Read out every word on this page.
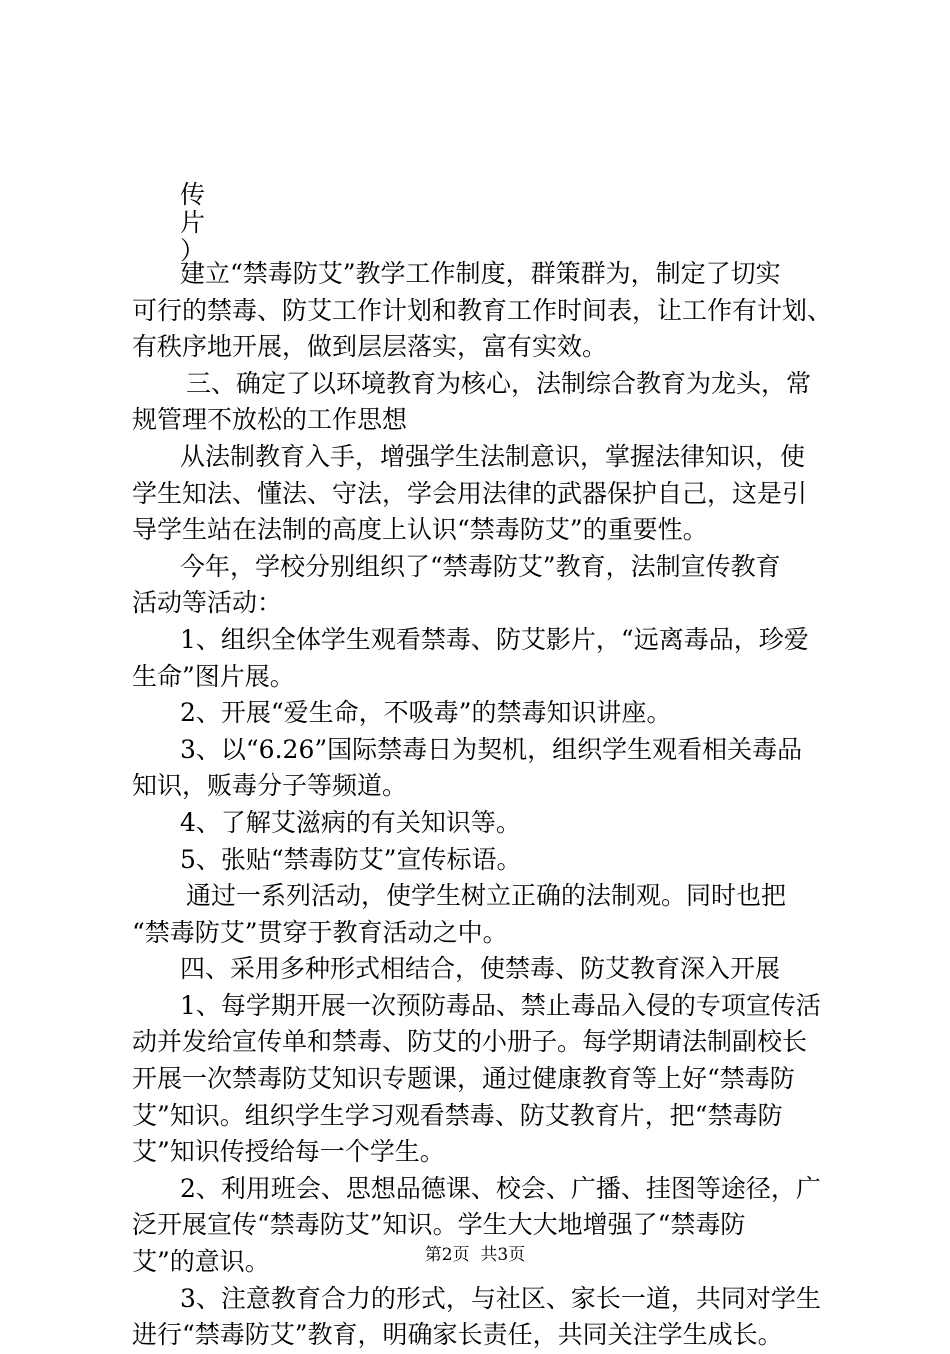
传
片
）
建立“禁毒防艾”教学工作制度，群策群为，制定了切实
可行的禁毒、防艾工作计划和教育工作时间表，让工作有计划、
有秩序地开展，做到层层落实，富有实效。
三、确定了以环境教育为核心，法制综合教育为龙头，常
规管理不放松的工作思想
从法制教育入手，增强学生法制意识，掌握法律知识，使
学生知法、懂法、守法，学会用法律的武器保护自己，这是引
导学生站在法制的高度上认识“禁毒防艾”的重要性。
今年，学校分别组织了“禁毒防艾”教育，法制宣传教育
活动等活动：
1、组织全体学生观看禁毒、防艾影片，“远离毒品，珍爱
生命”图片展。
2、开展“爱生命，不吸毒”的禁毒知识讲座。
3、以“6.26”国际禁毒日为契机，组织学生观看相关毒品
知识，贩毒分子等频道。
4、了解艾滋病的有关知识等。
5、张贴“禁毒防艾”宣传标语。
通过一系列活动，使学生树立正确的法制观。同时也把
“禁毒防艾”贯穿于教育活动之中。
四、采用多种形式相结合，使禁毒、防艾教育深入开展
1、每学期开展一次预防毒品、禁止毒品入侵的专项宣传活
动并发给宣传单和禁毒、防艾的小册子。每学期请法制副校长
开展一次禁毒防艾知识专题课，通过健康教育等上好“禁毒防
艾”知识。组织学生学习观看禁毒、防艾教育片，把“禁毒防
艾”知识传授给每一个学生。
2、利用班会、思想品德课、校会、广播、挂图等途径，广
泛开展宣传“禁毒防艾”知识。学生大大地增强了“禁毒防
艾”的意识。
3、注意教育合力的形式，与社区、家长一道，共同对学生
进行“禁毒防艾”教育，明确家长责任，共同关注学生成长。
第2页  共3页
